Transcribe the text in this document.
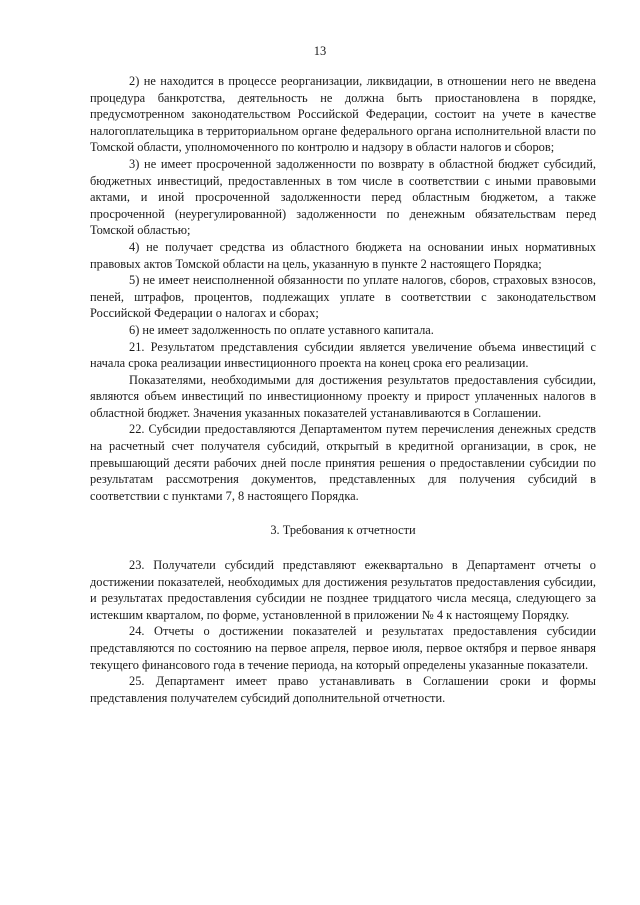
13

2) не находится в процессе реорганизации, ликвидации, в отношении него не введена процедура банкротства, деятельность не должна быть приостановлена в порядке, предусмотренном законодательством Российской Федерации, состоит на учете в качестве налогоплательщика в территориальном органе федерального органа исполнительной власти по Томской области, уполномоченного по контролю и надзору в области налогов и сборов;

3) не имеет просроченной задолженности по возврату в областной бюджет субсидий, бюджетных инвестиций, предоставленных в том числе в соответствии с иными правовыми актами, и иной просроченной задолженности перед областным бюджетом, а также просроченной (неурегулированной) задолженности по денежным обязательствам перед Томской областью;

4) не получает средства из областного бюджета на основании иных нормативных правовых актов Томской области на цель, указанную в пункте 2 настоящего Порядка;

5) не имеет неисполненной обязанности по уплате налогов, сборов, страховых взносов, пеней, штрафов, процентов, подлежащих уплате в соответствии с законодательством Российской Федерации о налогах и сборах;

6) не имеет задолженность по оплате уставного капитала.

21. Результатом представления субсидии является увеличение объема инвестиций с начала срока реализации инвестиционного проекта на конец срока его реализации.

Показателями, необходимыми для достижения результатов предоставления субсидии, являются объем инвестиций по инвестиционному проекту и прирост уплаченных налогов в областной бюджет. Значения указанных показателей устанавливаются в Соглашении.

22. Субсидии предоставляются Департаментом путем перечисления денежных средств на расчетный счет получателя субсидий, открытый в кредитной организации, в срок, не превышающий десяти рабочих дней после принятия решения о предоставлении субсидии по результатам рассмотрения документов, представленных для получения субсидий в соответствии с пунктами 7, 8 настоящего Порядка.

3. Требования к отчетности

23. Получатели субсидий представляют ежеквартально в Департамент отчеты о достижении показателей, необходимых для достижения результатов предоставления субсидии, и результатах предоставления субсидии не позднее тридцатого числа месяца, следующего за истекшим кварталом, по форме, установленной в приложении № 4 к настоящему Порядку.

24. Отчеты о достижении показателей и результатах предоставления субсидии представляются по состоянию на первое апреля, первое июля, первое октября и первое января текущего финансового года в течение периода, на который определены указанные показатели.

25. Департамент имеет право устанавливать в Соглашении сроки и формы представления получателем субсидий дополнительной отчетности.
